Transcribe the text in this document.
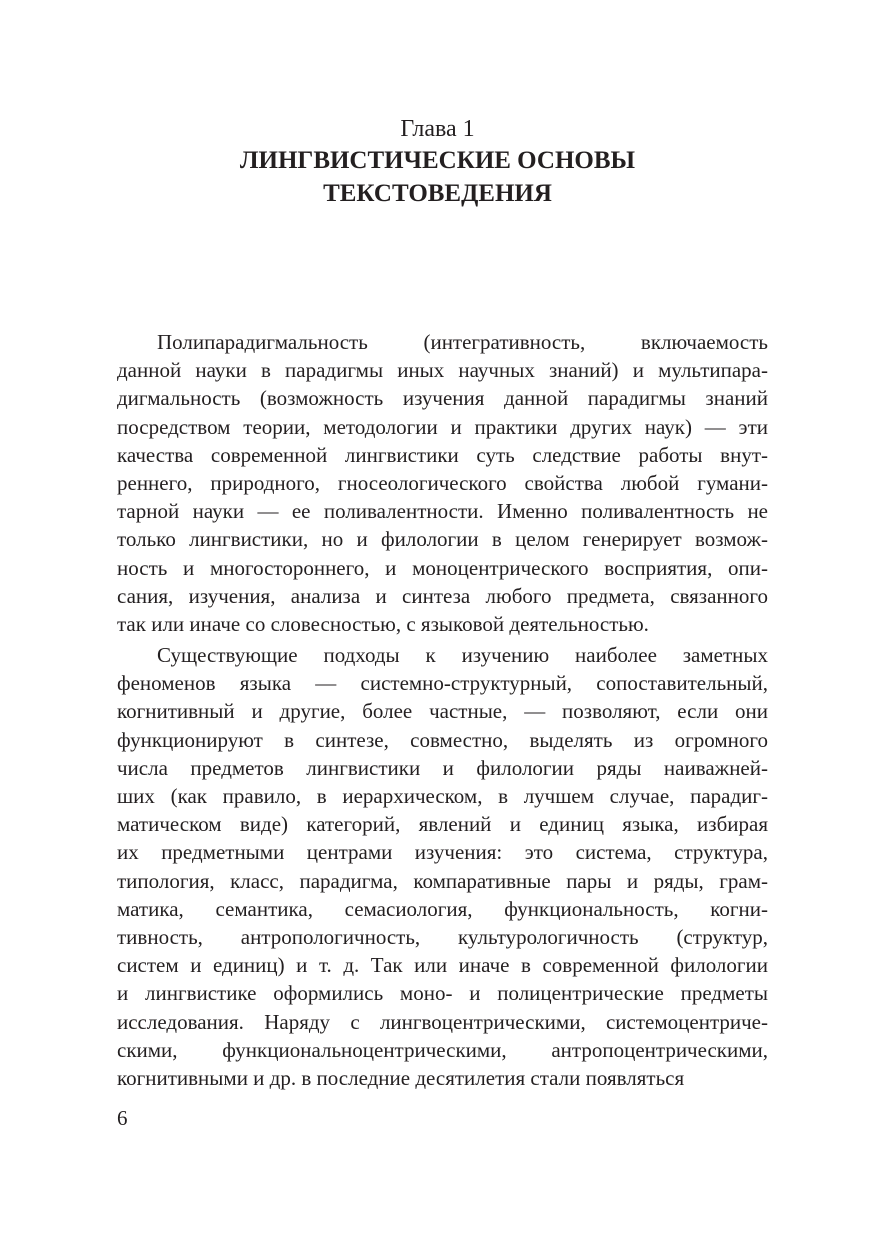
Глава 1
ЛИНГВИСТИЧЕСКИЕ ОСНОВЫ
ТЕКСТОВЕДЕНИЯ
Полипарадигмальность (интегративность, включаемость
данной науки в парадигмы иных научных знаний) и мультипара-
дигмальность (возможность изучения данной парадигмы знаний
посредством теории, методологии и практики других наук) — эти
качества современной лингвистики суть следствие работы внут-
реннего, природного, гносеологического свойства любой гумани-
тарной науки — ее поливалентности. Именно поливалентность не
только лингвистики, но и филологии в целом генерирует возмож-
ность и многостороннего, и моноцентрического восприятия, опи-
сания, изучения, анализа и синтеза любого предмета, связанного
так или иначе со словесностью, с языковой деятельностью.
Существующие подходы к изучению наиболее заметных
феноменов языка — системно-структурный, сопоставительный,
когнитивный и другие, более частные, — позволяют, если они
функционируют в синтезе, совместно, выделять из огромного
числа предметов лингвистики и филологии ряды наиважней-
ших (как правило, в иерархическом, в лучшем случае, парадиг-
матическом виде) категорий, явлений и единиц языка, избирая
их предметными центрами изучения: это система, структура,
типология, класс, парадигма, компаративные пары и ряды, грам-
матика, семантика, семасиология, функциональность, когни-
тивность, антропологичность, культурологичность (структур,
систем и единиц) и т. д. Так или иначе в современной филологии
и лингвистике оформились моно- и полицентрические предметы
исследования. Наряду с лингвоцентрическими, системоцентриче-
скими, функциональноцентрическими, антропоцентрическими,
когнитивными и др. в последние десятилетия стали появляться
6
